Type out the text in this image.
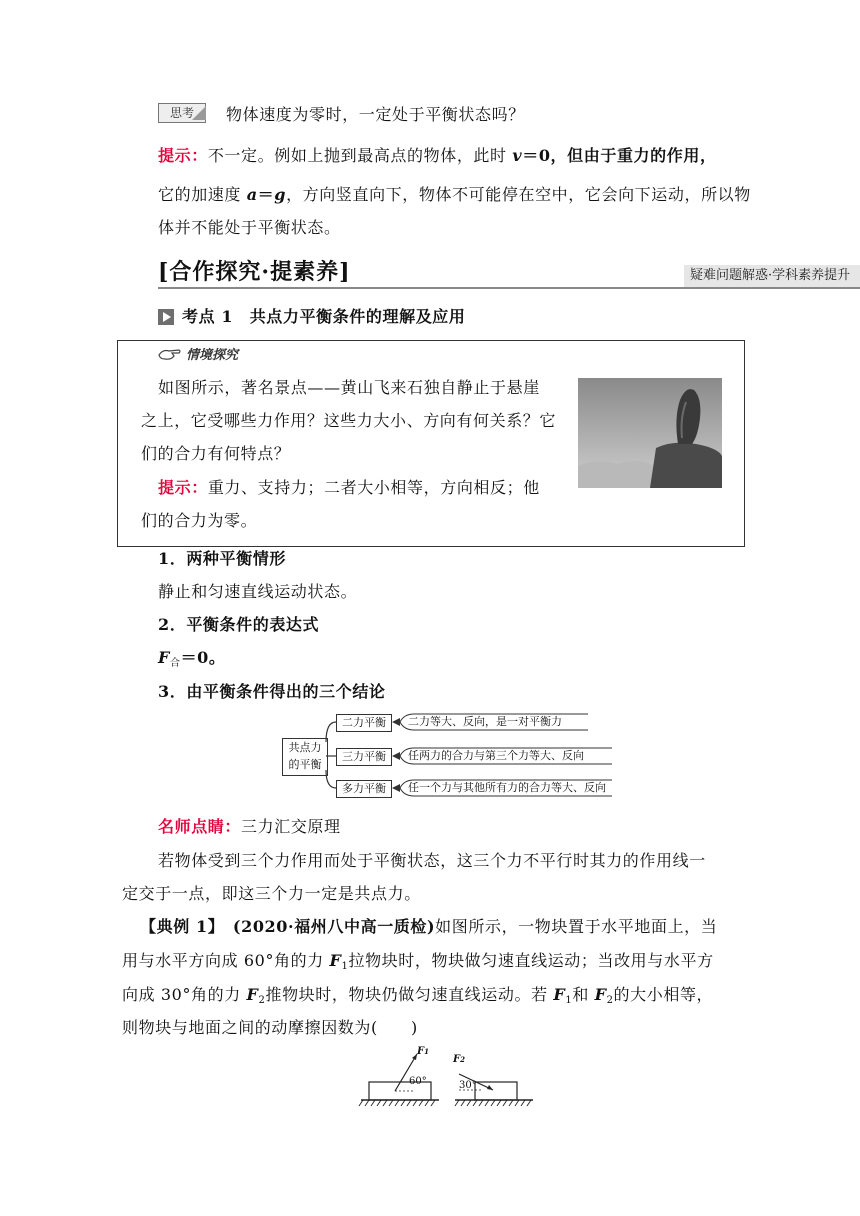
思考	物体速度为零时，一定处于平衡状态吗？
提示：不一定。例如上抛到最高点的物体，此时 v＝0，但由于重力的作用，
它的加速度 a＝g，方向竖直向下，物体不可能停在空中，它会向下运动，所以物
体并不能处于平衡状态。
[合作探究·提素养]	疑难问题解惑·学科素养提升
考点 1　共点力平衡条件的理解及应用
情境探究
如图所示，著名景点——黄山飞来石独自静止于悬崖
之上，它受哪些力作用？这些力大小、方向有何关系？它
们的合力有何特点？
提示：重力、支持力；二者大小相等，方向相反；他
们的合力为零。
1．两种平衡情形
静止和匀速直线运动状态。
2．平衡条件的表达式
$F_合=0$。
3．由平衡条件得出的三个结论
共点力
的平衡
二力平衡
三力平衡
多力平衡
二力等大、反向，是一对平衡力
任两力的合力与第三个力等大、反向
任一个力与其他所有力的合力等大、反向
名师点睛：三力汇交原理
若物体受到三个力作用而处于平衡状态，这三个力不平行时其力的作用线一
定交于一点，即这三个力一定是共点力。
【典例 1】　 (2020·福州八中高一质检)如图所示，一物块置于水平地面上，当
用与水平方向成 60°角的力 $F_1$拉物块时，物块做匀速直线运动；当改用与水平方
向成 30°角的力 $F_2$推物块时，物块仍做匀速直线运动。若 $F_1$和 $F_2$的大小相等，
则物块与地面之间的动摩擦因数为(　　)
F1
60°
F2
30°
